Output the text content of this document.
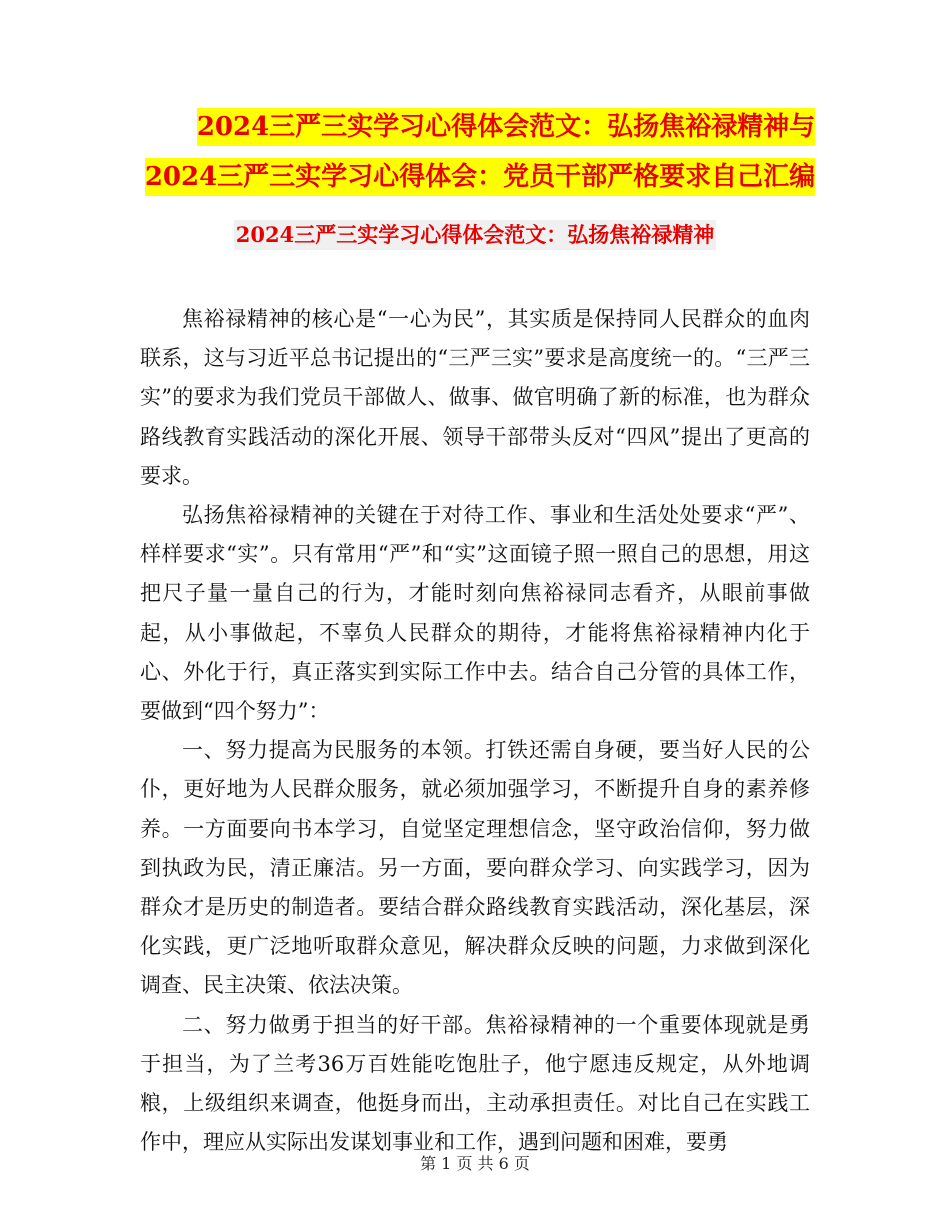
2024三严三实学习心得体会范文：弘扬焦裕禄精神与
2024三严三实学习心得体会：党员干部严格要求自己汇编
2024三严三实学习心得体会范文：弘扬焦裕禄精神

焦裕禄精神的核心是“一心为民”，其实质是保持同人民群众的血肉联系，这与习近平总书记提出的“三严三实”要求是高度统一的。“三严三实”的要求为我们党员干部做人、做事、做官明确了新的标准，也为群众路线教育实践活动的深化开展、领导干部带头反对“四风”提出了更高的要求。

弘扬焦裕禄精神的关键在于对待工作、事业和生活处处要求“严”、样样要求“实”。只有常用“严”和“实”这面镜子照一照自己的思想，用这把尺子量一量自己的行为，才能时刻向焦裕禄同志看齐，从眼前事做起，从小事做起，不辜负人民群众的期待，才能将焦裕禄精神内化于心、外化于行，真正落实到实际工作中去。结合自己分管的具体工作，要做到“四个努力”：

一、努力提高为民服务的本领。打铁还需自身硬，要当好人民的公仆，更好地为人民群众服务，就必须加强学习，不断提升自身的素养修养。一方面要向书本学习，自觉坚定理想信念，坚守政治信仰，努力做到执政为民，清正廉洁。另一方面，要向群众学习、向实践学习，因为群众才是历史的制造者。要结合群众路线教育实践活动，深化基层，深化实践，更广泛地听取群众意见，解决群众反映的问题，力求做到深化调查、民主决策、依法决策。

二、努力做勇于担当的好干部。焦裕禄精神的一个重要体现就是勇于担当，为了兰考36万百姓能吃饱肚子，他宁愿违反规定，从外地调粮，上级组织来调查，他挺身而出，主动承担责任。对比自己在实践工作中，理应从实际出发谋划事业和工作，遇到问题和困难，要勇

第 1 页 共 6 页
